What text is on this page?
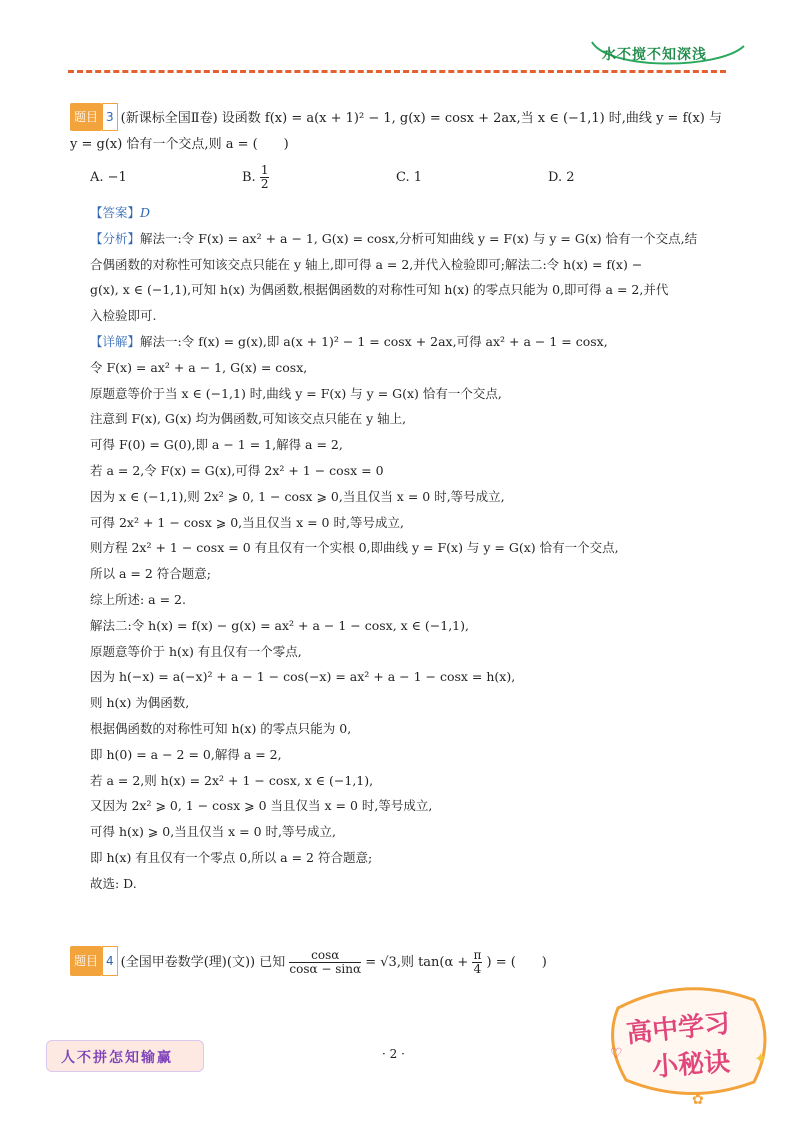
水不搅不知深浅
题目 3 (新课标全国Ⅱ卷) 设函数 f(x) = a(x + 1)² − 1, g(x) = cosx + 2ax,当 x ∈ (−1,1) 时,曲线 y = f(x) 与
y = g(x) 恰有一个交点,则 a = (　　)
A. −1	B. $\frac{1}{2}$	C. 1	D. 2
【答案】D
【分析】解法一:令 F(x) = ax² + a − 1, G(x) = cosx,分析可知曲线 y = F(x) 与 y = G(x) 恰有一个交点,结
合偶函数的对称性可知该交点只能在 y 轴上,即可得 a = 2,并代入检验即可;解法二:令 h(x) = f(x) −
g(x), x ∈ (−1,1),可知 h(x) 为偶函数,根据偶函数的对称性可知 h(x) 的零点只能为 0,即可得 a = 2,并代
入检验即可.
【详解】解法一:令 f(x) = g(x),即 a(x + 1)² − 1 = cosx + 2ax,可得 ax² + a − 1 = cosx,
令 F(x) = ax² + a − 1, G(x) = cosx,
原题意等价于当 x ∈ (−1,1) 时,曲线 y = F(x) 与 y = G(x) 恰有一个交点,
注意到 F(x), G(x) 均为偶函数,可知该交点只能在 y 轴上,
可得 F(0) = G(0),即 a − 1 = 1,解得 a = 2,
若 a = 2,令 F(x) = G(x),可得 2x² + 1 − cosx = 0
因为 x ∈ (−1,1),则 2x² ⩾ 0, 1 − cosx ⩾ 0,当且仅当 x = 0 时,等号成立,
可得 2x² + 1 − cosx ⩾ 0,当且仅当 x = 0 时,等号成立,
则方程 2x² + 1 − cosx = 0 有且仅有一个实根 0,即曲线 y = F(x) 与 y = G(x) 恰有一个交点,
所以 a = 2 符合题意;
综上所述: a = 2.
解法二:令 h(x) = f(x) − g(x) = ax² + a − 1 − cosx, x ∈ (−1,1),
原题意等价于 h(x) 有且仅有一个零点,
因为 h(−x) = a(−x)² + a − 1 − cos(−x) = ax² + a − 1 − cosx = h(x),
则 h(x) 为偶函数,
根据偶函数的对称性可知 h(x) 的零点只能为 0,
即 h(0) = a − 2 = 0,解得 a = 2,
若 a = 2,则 h(x) = 2x² + 1 − cosx, x ∈ (−1,1),
又因为 2x² ⩾ 0, 1 − cosx ⩾ 0 当且仅当 x = 0 时,等号成立,
可得 h(x) ⩾ 0,当且仅当 x = 0 时,等号成立,
即 h(x) 有且仅有一个零点 0,所以 a = 2 符合题意;
故选: D.
题目 4 (全国甲卷数学(理)(文)) 已知 $\frac{\cos\alpha}{\cos\alpha - \sin\alpha} = √3$,则 $\tan(\alpha + \frac{\pi}{4}$ ) = (　　)
人不拼怎知输赢	· 2 ·	♡	✦
✿
高中学习
小秘诀
